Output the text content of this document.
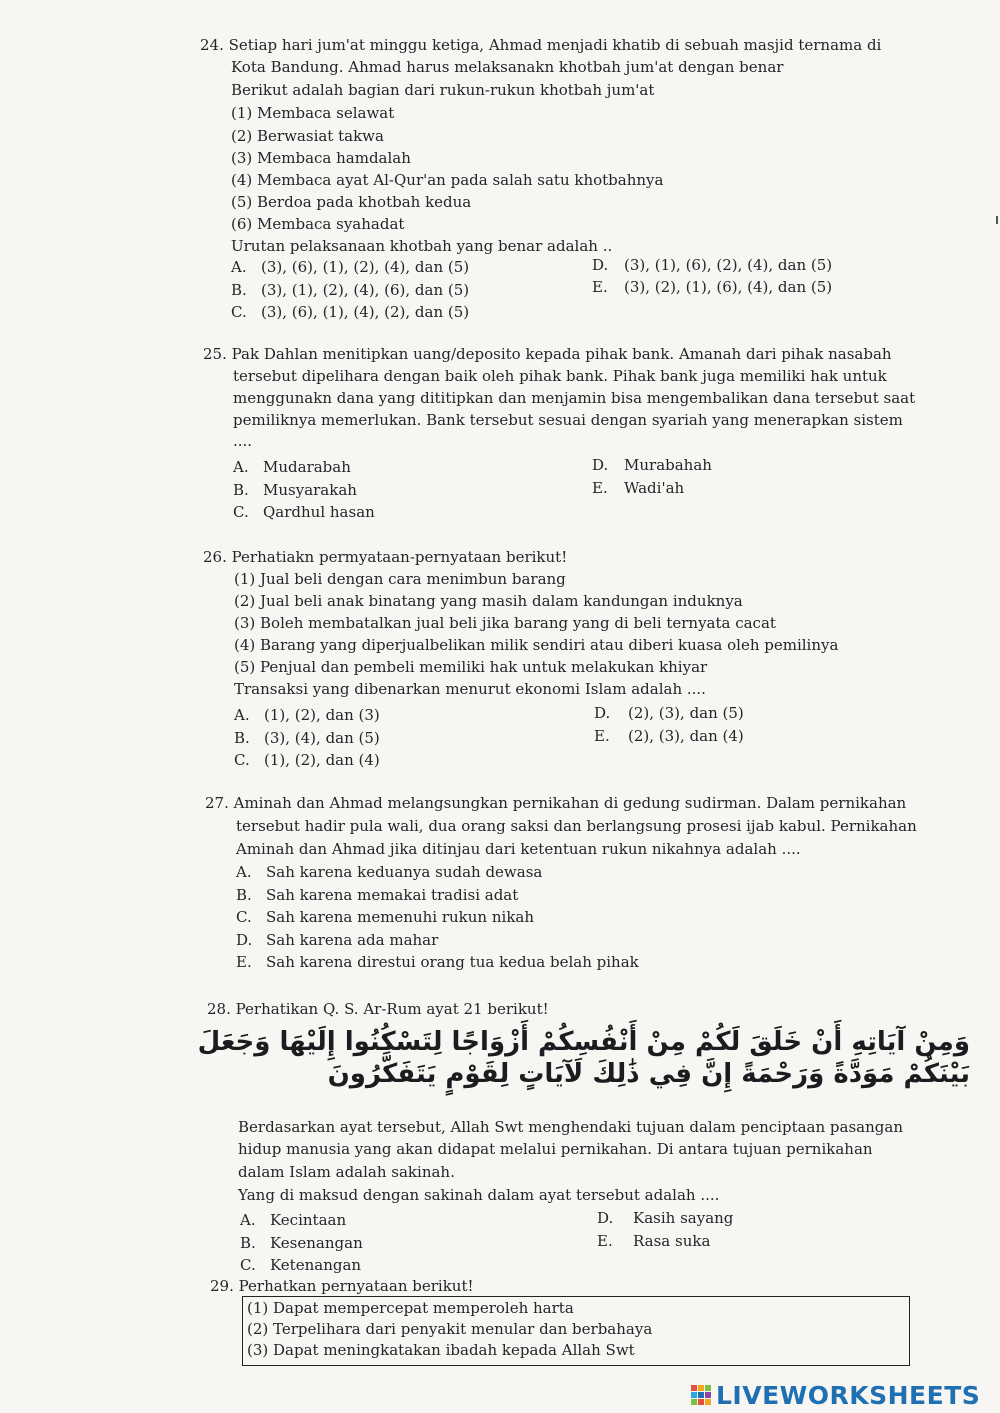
24. Setiap hari jum'at minggu ketiga, Ahmad menjadi khatib di sebuah masjid ternama di
Kota Bandung. Ahmad harus melaksanakn khotbah jum'at dengan benar
Berikut adalah bagian dari rukun-rukun khotbah jum'at
(1) Membaca selawat
(2) Berwasiat takwa
(3) Membaca hamdalah
(4) Membaca ayat Al-Qur'an pada salah satu khotbahnya
(5) Berdoa pada khotbah kedua
(6) Membaca syahadat
Urutan pelaksanaan khotbah yang benar adalah ..
A. (3), (6), (1), (2), (4), dan (5)
B. (3), (1), (2), (4), (6), dan (5)
C. (3), (6), (1), (4), (2), dan (5)
D. (3), (1), (6), (2), (4), dan (5)
E. (3), (2), (1), (6), (4), dan (5)
25. Pak Dahlan menitipkan uang/deposito kepada pihak bank. Amanah dari pihak nasabah
tersebut dipelihara dengan baik oleh pihak bank. Pihak bank juga memiliki hak untuk
menggunakn dana yang dititipkan dan menjamin bisa mengembalikan dana tersebut saat
pemiliknya memerlukan. Bank tersebut sesuai dengan syariah yang menerapkan sistem
....
A. Mudarabah
B. Musyarakah
C. Qardhul hasan
D. Murabahah
E. Wadi'ah
26. Perhatiakn permyataan-pernyataan berikut!
(1) Jual beli dengan cara menimbun barang
(2) Jual beli anak binatang yang masih dalam kandungan induknya
(3) Boleh membatalkan jual beli jika barang yang di beli ternyata cacat
(4) Barang yang diperjualbelikan milik sendiri atau diberi kuasa oleh pemilinya
(5) Penjual dan pembeli memiliki hak untuk melakukan khiyar
Transaksi yang dibenarkan menurut ekonomi Islam adalah ....
A. (1), (2), dan (3)
B. (3), (4), dan (5)
C. (1), (2), dan (4)
D. (2), (3), dan (5)
E. (2), (3), dan (4)
27. Aminah dan Ahmad melangsungkan pernikahan di gedung sudirman. Dalam pernikahan
tersebut hadir pula wali, dua orang saksi dan berlangsung prosesi ijab kabul. Pernikahan
Aminah dan Ahmad jika ditinjau dari ketentuan rukun nikahnya adalah ....
A. Sah karena keduanya sudah dewasa
B. Sah karena memakai tradisi adat
C. Sah karena memenuhi rukun nikah
D. Sah karena ada mahar
E. Sah karena direstui orang tua kedua belah pihak
28. Perhatikan Q. S. Ar-Rum ayat 21 berikut!
وَمِنْ آيَاتِهِ أَنْ خَلَقَ لَكُمْ مِنْ أَنْفُسِكُمْ أَزْوَاجًا لِتَسْكُنُوا إِلَيْهَا وَجَعَلَ
بَيْنَكُمْ مَوَدَّةً وَرَحْمَةً إِنَّ فِي ذَٰلِكَ لَآيَاتٍ لِقَوْمٍ يَتَفَكَّرُونَ
Berdasarkan ayat tersebut, Allah Swt menghendaki tujuan dalam penciptaan pasangan
hidup manusia yang akan didapat melalui pernikahan. Di antara tujuan pernikahan
dalam Islam adalah sakinah.
Yang di maksud dengan sakinah dalam ayat tersebut adalah ....
A. Kecintaan
B. Kesenangan
C. Ketenangan
D. Kasih sayang
E. Rasa suka
29. Perhatkan pernyataan berikut!
(1) Dapat mempercepat memperoleh harta
(2) Terpelihara dari penyakit menular dan berbahaya
(3) Dapat meningkatakan ibadah kepada Allah Swt
LIVEWORKSHEETS
